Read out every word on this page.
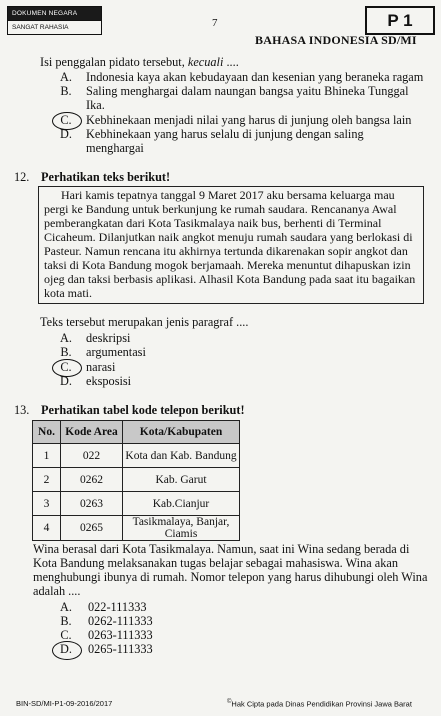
DOKUMEN NEGARA
SANGAT RAHASIA	7	P 1
BAHASA INDONESIA SD/MI
Isi penggalan pidato tersebut, kecuali ....
A. Indonesia kaya akan kebudayaan dan kesenian yang beraneka ragam
B. Saling menghargai dalam naungan bangsa yaitu Bhineka Tunggal
Ika.
C. Kebhinekaan menjadi nilai yang harus di junjung oleh bangsa lain
D. Kebhinekaan yang harus selalu di junjung dengan saling
menghargai
12. Perhatikan teks berikut!
Hari kamis tepatnya tanggal 9 Maret 2017 aku bersama keluarga mau
pergi ke Bandung untuk berkunjung ke rumah saudara. Rencananya Awal
pemberangkatan dari Kota Tasikmalaya naik bus, berhenti di Terminal
Cicaheum. Dilanjutkan naik angkot menuju rumah saudara yang berlokasi di
Pasteur. Namun rencana itu akhirnya tertunda dikarenakan sopir angkot dan
taksi di Kota Bandung mogok berjamaah. Mereka menuntut dihapuskan izin
ojeg dan taksi berbasis aplikasi. Alhasil Kota Bandung pada saat itu bagaikan
kota mati.
Teks tersebut merupakan jenis paragraf ....
A. deskripsi
B. argumentasi
C. narasi
D. eksposisi
13. Perhatikan tabel kode telepon berikut!
No.	Kode Area	Kota/Kabupaten
1	022	Kota dan Kab. Bandung
2	0262	Kab. Garut
3	0263	Kab.Cianjur
4	0265	Tasikmalaya, Banjar, Ciamis
Wina berasal dari Kota Tasikmalaya. Namun, saat ini Wina sedang berada di
Kota Bandung melaksanakan tugas belajar sebagai mahasiswa. Wina akan
menghubungi ibunya di rumah. Nomor telepon yang harus dihubungi oleh Wina
adalah ....
A. 022-111333
B. 0262-111333
C. 0263-111333
D. 0265-111333
BIN-SD/MI-P1-09-2016/2017	©Hak Cipta pada Dinas Pendidikan Provinsi Jawa Barat
